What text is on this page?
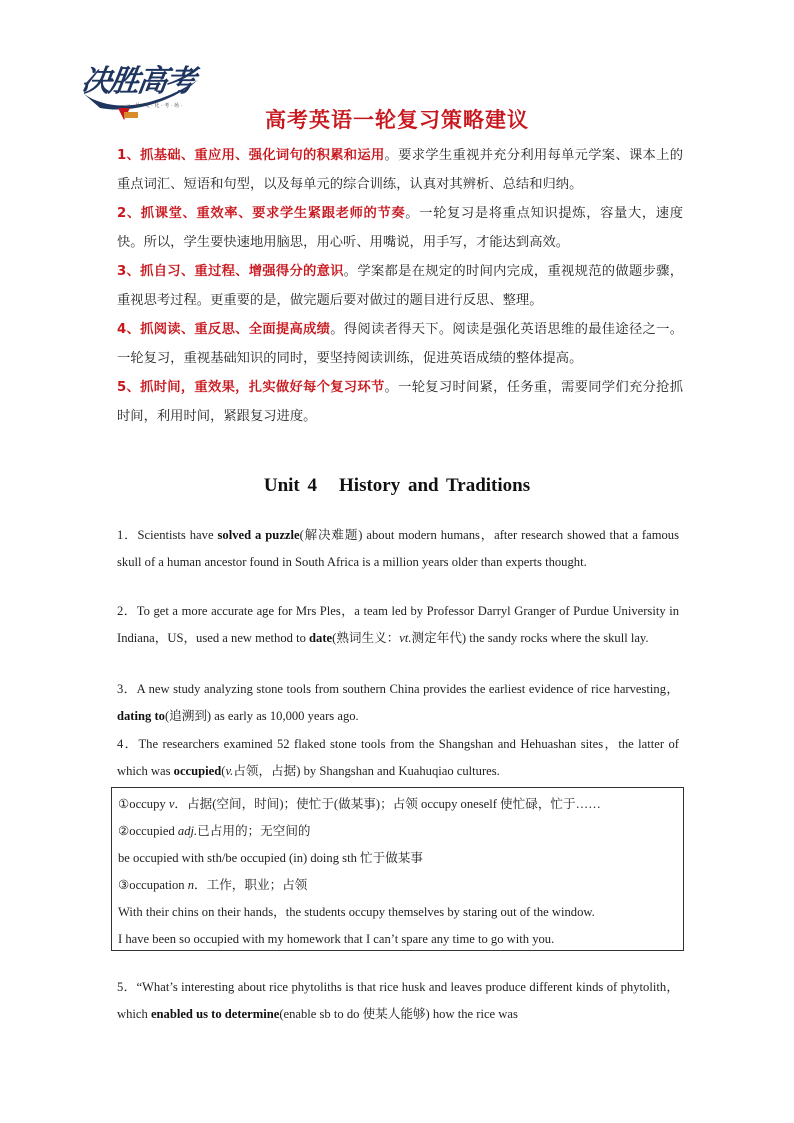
决胜高考
· 一 · 品 · 文 · 化 · 考 · 场 ·
高考英语一轮复习策略建议

1、抓基础、重应用、强化词句的积累和运用。要求学生重视并充分利用每单元学案、课本上的重点词汇、短语和句型，以及每单元的综合训练，认真对其辨析、总结和归纳。

2、抓课堂、重效率、要求学生紧跟老师的节奏。一轮复习是将重点知识提炼，容量大，速度快。所以，学生要快速地用脑思，用心听、用嘴说，用手写，才能达到高效。

3、抓自习、重过程、增强得分的意识。学案都是在规定的时间内完成，重视规范的做题步骤，重视思考过程。更重要的是，做完题后要对做过的题目进行反思、整理。

4、抓阅读、重反思、全面提高成绩。得阅读者得天下。阅读是强化英语思维的最佳途径之一。一轮复习，重视基础知识的同时，要坚持阅读训练，促进英语成绩的整体提高。

5、抓时间，重效果，扎实做好每个复习环节。一轮复习时间紧，任务重，需要同学们充分抢抓时间，利用时间，紧跟复习进度。

Unit 4 History and Traditions

1．Scientists have solved a puzzle(解决难题) about modern humans，after research showed that a famous skull of a human ancestor found in South Africa is a million years older than experts thought.

2．To get a more accurate age for Mrs Ples，a team led by Professor Darryl Granger of Purdue University in Indiana，US，used a new method to date(熟词生义：vt.测定年代) the sandy rocks where the skull lay.

3．A new study analyzing stone tools from southern China provides the earliest evidence of rice harvesting，dating to(追溯到) as early as 10,000 years ago.

4．The researchers examined 52 flaked stone tools from the Shangshan and Hehuashan sites，the latter of which was occupied(v.占领，占据) by Shangshan and Kuahuqiao cultures.

①occupy v．占据(空间，时间)；使忙于(做某事)；占领 occupy oneself 使忙碌，忙于……
②occupied adj.已占用的；无空间的
be occupied with sth/be occupied (in) doing sth 忙于做某事
③occupation n．工作，职业；占领
With their chins on their hands，the students occupy themselves by staring out of the window.
I have been so occupied with my homework that I can’t spare any time to go with you.

5．“What’s interesting about rice phytoliths is that rice husk and leaves produce different kinds of phytolith，which enabled us to determine(enable sb to do 使某人能够) how the rice was
